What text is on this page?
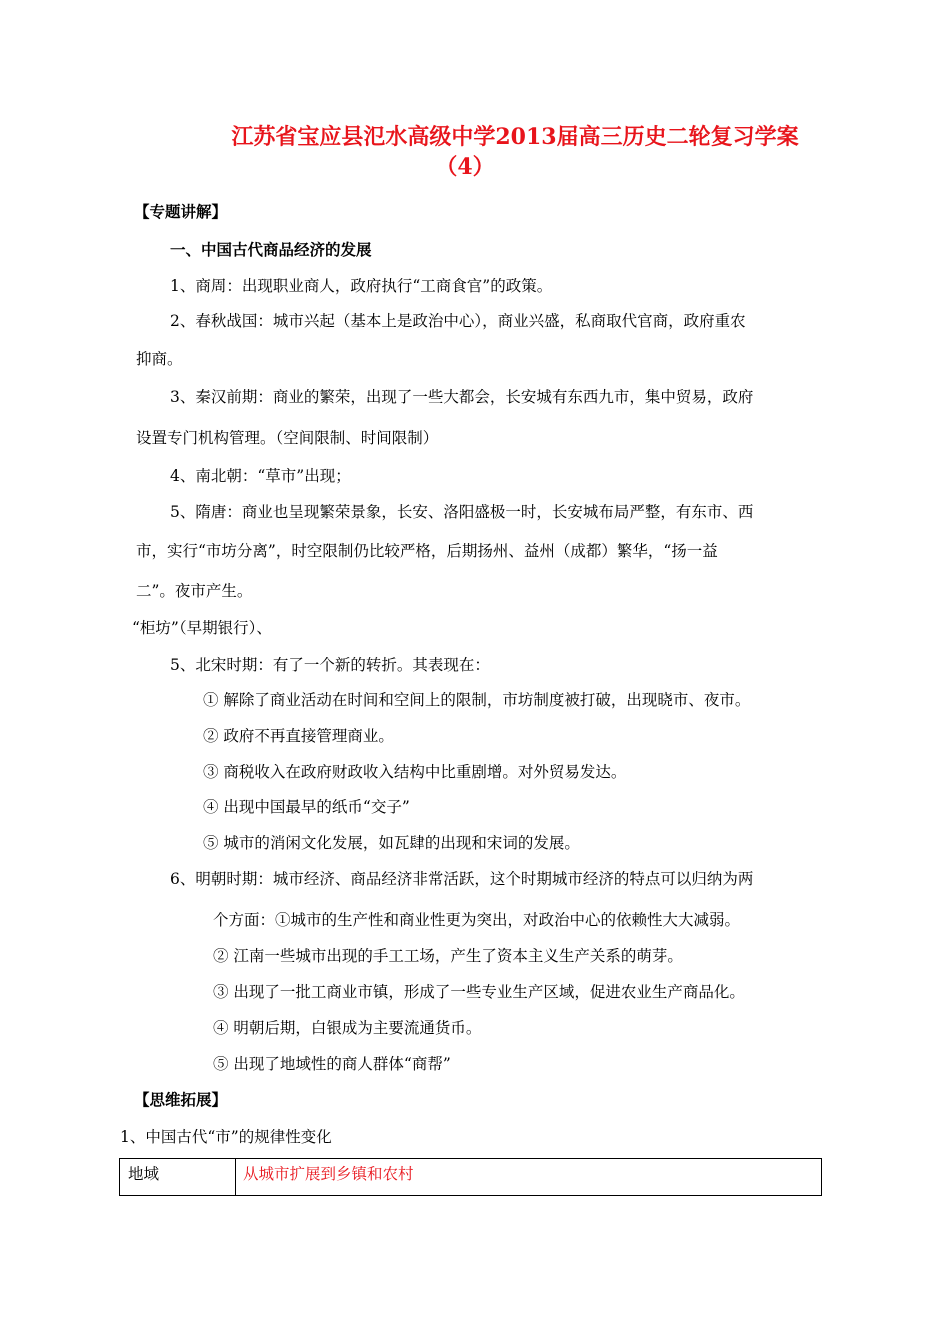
江苏省宝应县氾水高级中学2013届高三历史二轮复习学案
（4）
【专题讲解】
一、中国古代商品经济的发展
1、商周：出现职业商人，政府执行“工商食官”的政策。
2、春秋战国：城市兴起（基本上是政治中心），商业兴盛，私商取代官商，政府重农
抑商。
3、秦汉前期：商业的繁荣，出现了一些大都会，长安城有东西九市，集中贸易，政府
设置专门机构管理。（空间限制、时间限制）
4、南北朝：“草市”出现；
5、隋唐：商业也呈现繁荣景象，长安、洛阳盛极一时，长安城布局严整，有东市、西
市，实行“市坊分离”，时空限制仍比较严格，后期扬州、益州（成都）繁华，“扬一益
二”。夜市产生。
“柜坊”（早期银行）、
5、北宋时期：有了一个新的转折。其表现在：
① 解除了商业活动在时间和空间上的限制，市坊制度被打破，出现晓市、夜市。
② 政府不再直接管理商业。
③ 商税收入在政府财政收入结构中比重剧增。对外贸易发达。
④ 出现中国最早的纸币“交子”
⑤ 城市的消闲文化发展，如瓦肆的出现和宋词的发展。
6、明朝时期：城市经济、商品经济非常活跃，这个时期城市经济的特点可以归纳为两
个方面：①城市的生产性和商业性更为突出，对政治中心的依赖性大大减弱。
② 江南一些城市出现的手工工场，产生了资本主义生产关系的萌芽。
③ 出现了一批工商业市镇，形成了一些专业生产区域，促进农业生产商品化。
④ 明朝后期，白银成为主要流通货币。
⑤ 出现了地域性的商人群体“商帮”
【思维拓展】
1、中国古代“市”的规律性变化
地域	从城市扩展到乡镇和农村
